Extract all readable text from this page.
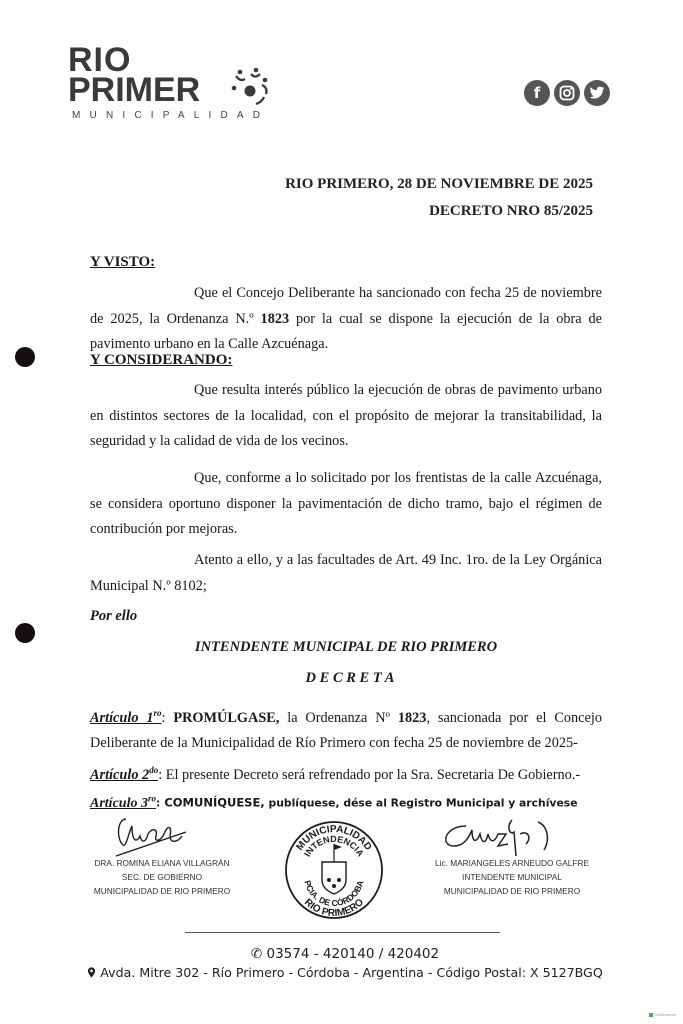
RIO
PRIMER
MUNICIPALIDAD
f
RIO PRIMERO, 28 DE NOVIEMBRE DE 2025
DECRETO NRO 85/2025
Y VISTO:
Que el Concejo Deliberante ha sancionado con fecha 25 de noviembre de 2025, la Ordenanza N.º 1823 por la cual se dispone la ejecución de la obra de pavimento urbano en la Calle Azcuénaga.
Y CONSIDERANDO:
Que resulta interés público la ejecución de obras de pavimento urbano en distintos sectores de la localidad, con el propósito de mejorar la transitabilidad, la seguridad y la calidad de vida de los vecinos.
Que, conforme a lo solicitado por los frentistas de la calle Azcuénaga, se considera oportuno disponer la pavimentación de dicho tramo, bajo el régimen de contribución por mejoras.
Atento a ello, y a las facultades de Art. 49 Inc. 1ro. de la Ley Orgánica Municipal N.º 8102;
Por ello
INTENDENTE MUNICIPAL DE RIO PRIMERO
D E C R E T A
Artículo $1^{ro}$: PROMÚLGASE, la Ordenanza Nº 1823, sancionada por el Concejo Deliberante de la Municipalidad de Río Primero con fecha 25 de noviembre de 2025-
Artículo $2^{do}$: El presente Decreto será refrendado por la Sra. Secretaria De Gobierno.-
Artículo $3^{ro}$: COMUNÍQUESE, publíquese, dése al Registro Municipal y archívese
DRA. ROMINA ELIANA VILLAGRÁN
SEC. DE GOBIERNO
MUNICIPALIDAD DE RIO PRIMERO
MUNICIPALIDAD
INTENDENCIA
PCIA. DE CÓRDOBA
RIO PRIMERO
Lic. MARIANGELES ARNEUDO GALFRE
INTENDENTE MUNICIPAL
MUNICIPALIDAD DE RIO PRIMERO
✆ 03574 - 420140 / 420402
Avda. Mitre 302 - Río Primero - Córdoba - Argentina - Código Postal: X 5127BGQ
CamScanner
